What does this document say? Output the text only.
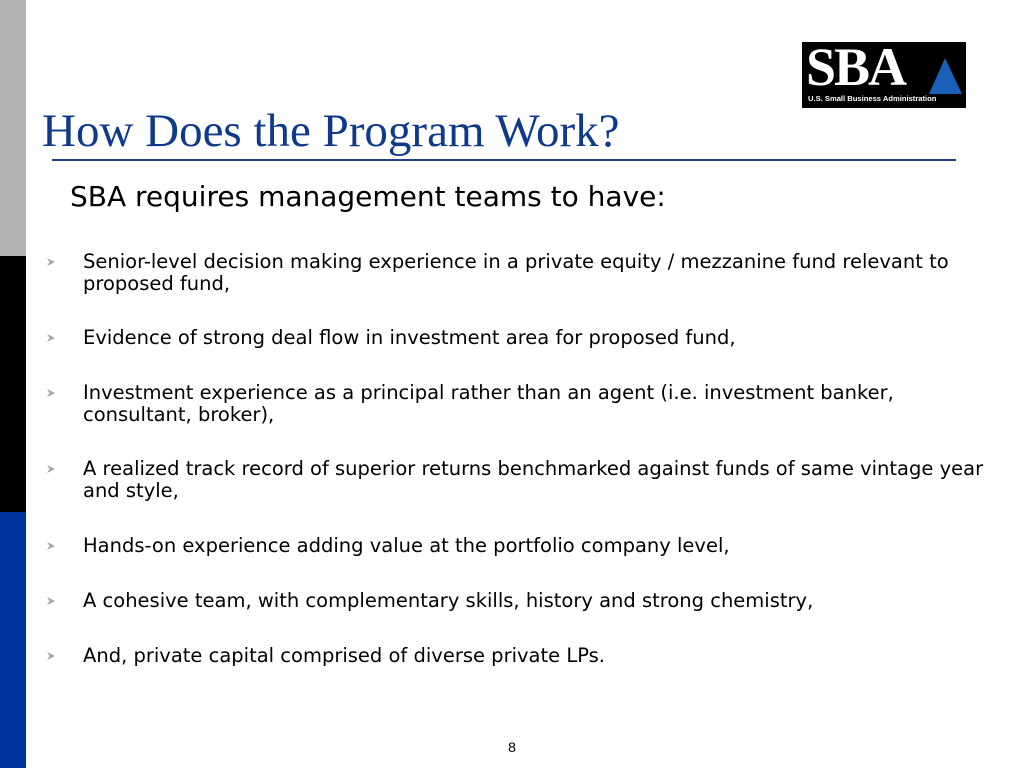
SBA
U.S. Small Business Administration
How Does the Program Work?
SBA requires management teams to have:
Senior-level decision making experience in a private equity / mezzanine fund relevant to proposed fund,
Evidence of strong deal flow in investment area for proposed fund,
Investment experience as a principal rather than an agent (i.e. investment banker, consultant, broker),
A realized track record of superior returns benchmarked against funds of same vintage year and style,
Hands-on experience adding value at the portfolio company level,
A cohesive team, with complementary skills, history and strong chemistry,
And, private capital comprised of diverse private LPs.
8
